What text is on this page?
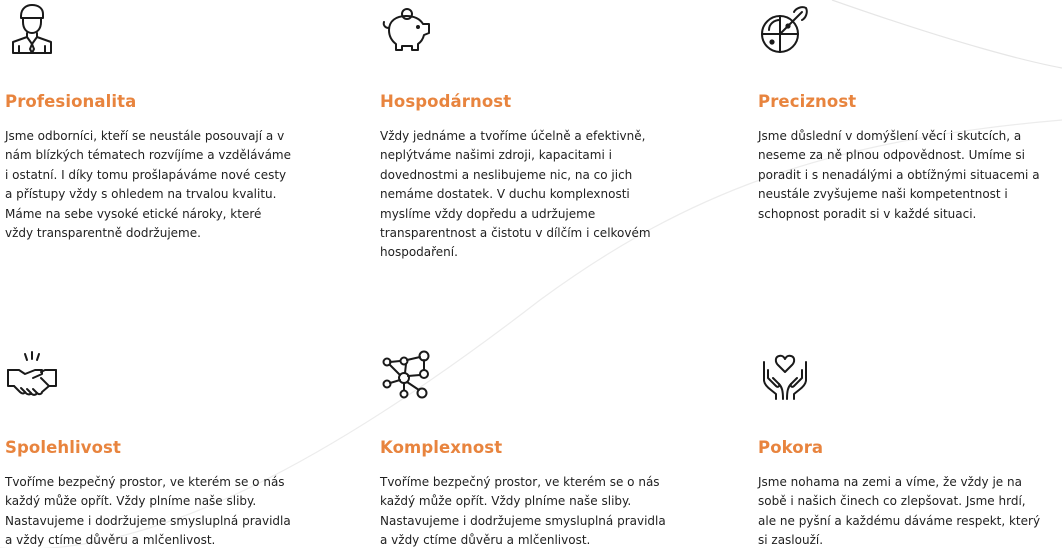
Profesionalita

Jsme odborníci, kteří se neustále posouvají a v
nám blízkých tématech rozvíjíme a vzděláváme
i ostatní. I díky tomu prošlapáváme nové cesty
a přístupy vždy s ohledem na trvalou kvalitu.
Máme na sebe vysoké etické nároky, které
vždy transparentně dodržujeme.

Hospodárnost

Vždy jednáme a tvoříme účelně a efektivně,
neplýtváme našimi zdroji, kapacitami i
dovednostmi a neslibujeme nic, na co jich
nemáme dostatek. V duchu komplexnosti
myslíme vždy dopředu a udržujeme
transparentnost a čistotu v dílčím i celkovém
hospodaření.

Preciznost

Jsme důslední v domýšlení věcí i skutcích, a
neseme za ně plnou odpovědnost. Umíme si
poradit i s nenadálými a obtížnými situacemi a
neustále zvyšujeme naši kompetentnost i
schopnost poradit si v každé situaci.

Spolehlivost

Tvoříme bezpečný prostor, ve kterém se o nás
každý může opřít. Vždy plníme naše sliby.
Nastavujeme i dodržujeme smysluplná pravidla
a vždy ctíme důvěru a mlčenlivost.

Komplexnost

Tvoříme bezpečný prostor, ve kterém se o nás
každý může opřít. Vždy plníme naše sliby.
Nastavujeme i dodržujeme smysluplná pravidla
a vždy ctíme důvěru a mlčenlivost.

Pokora

Jsme nohama na zemi a víme, že vždy je na
sobě i našich činech co zlepšovat. Jsme hrdí,
ale ne pyšní a každému dáváme respekt, který
si zaslouží.
